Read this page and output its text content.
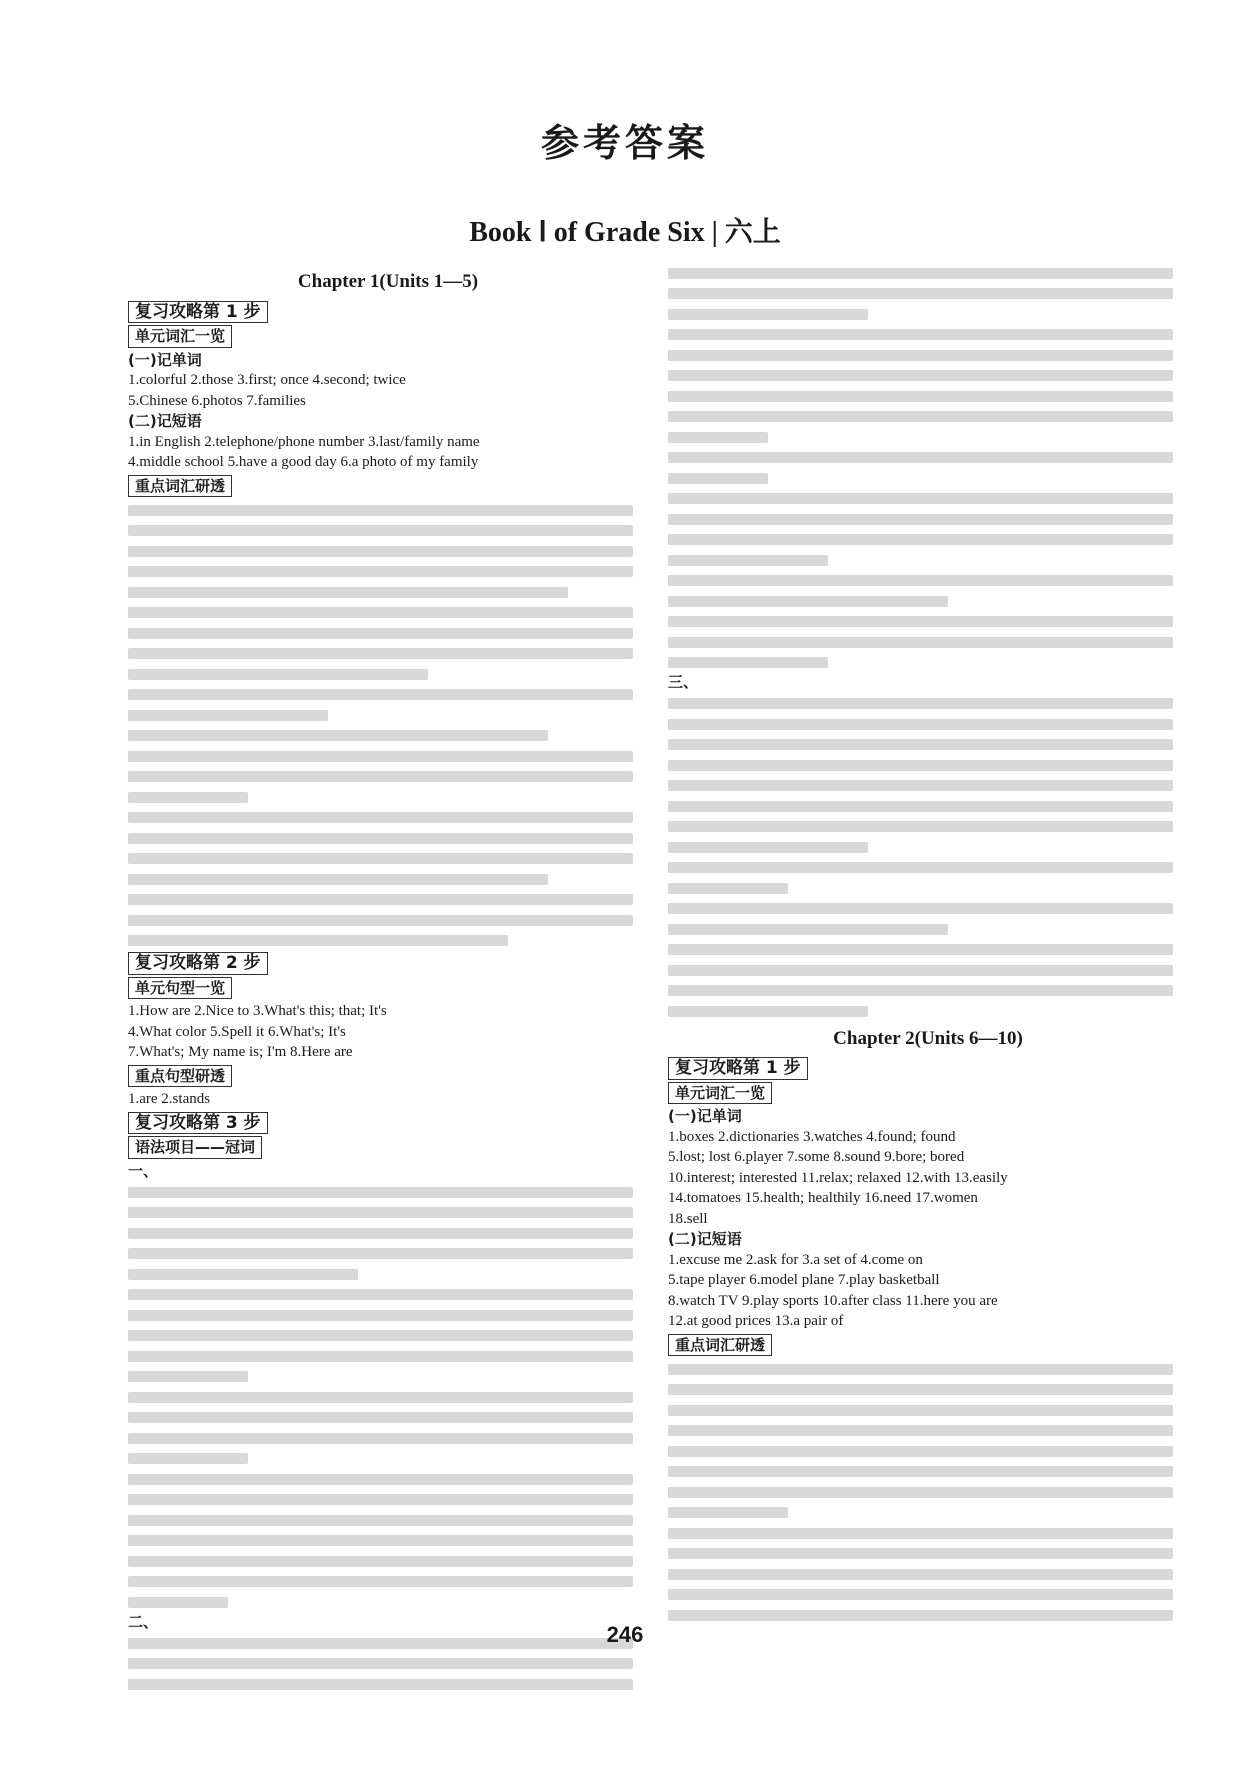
参考答案
Book Ⅰ of Grade Six | 六上
Chapter 1(Units 1—5)
复习攻略第 1 步
单元词汇一览
(一)记单词
1.colorful 2.those 3.first; once 4.second; twice
5.Chinese 6.photos 7.families
(二)记短语
1.in English 2.telephone/phone number 3.last/family name
4.middle school 5.have a good day 6.a photo of my family
重点词汇研透

复习攻略第 2 步
单元句型一览
1.How are 2.Nice to 3.What's this; that; It's
4.What color 5.Spell it 6.What's; It's
7.What's; My name is; I'm 8.Here are
重点句型研透
1.are 2.stands
复习攻略第 3 步
语法项目——冠词
一、

二、

三、

Chapter 2(Units 6—10)
复习攻略第 1 步
单元词汇一览
(一)记单词
1.boxes 2.dictionaries 3.watches 4.found; found
5.lost; lost 6.player 7.some 8.sound 9.bore; bored
10.interest; interested 11.relax; relaxed 12.with 13.easily
14.tomatoes 15.health; healthily 16.need 17.women
18.sell
(二)记短语
1.excuse me 2.ask for 3.a set of 4.come on
5.tape player 6.model plane 7.play basketball
8.watch TV 9.play sports 10.after class 11.here you are
12.at good prices 13.a pair of
重点词汇研透

246
